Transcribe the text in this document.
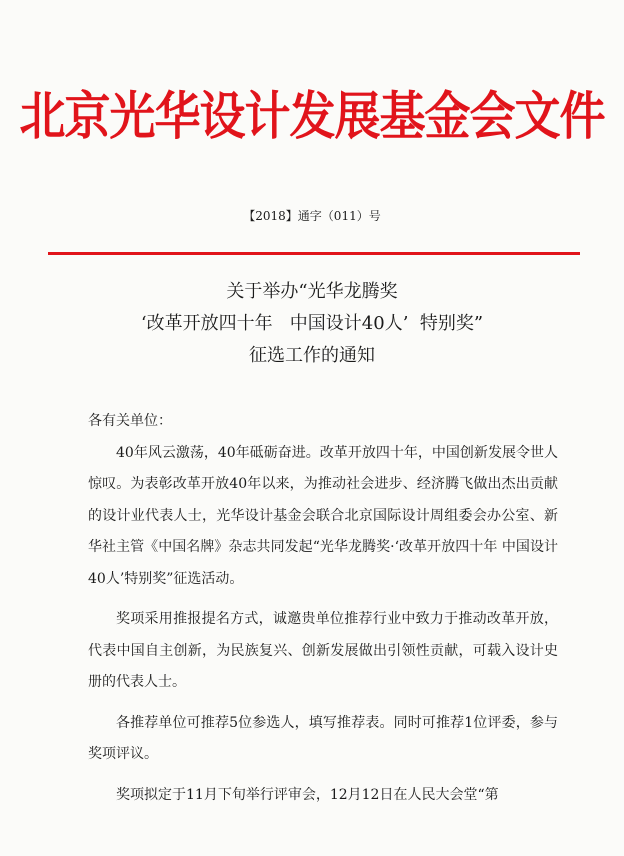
北京光华设计发展基金会文件
【2018】通字（011）号
关于举办“光华龙腾奖
‘改革开放四十年   中国设计40人’  特别奖”
征选工作的通知

各有关单位：

40年风云激荡，40年砥砺奋进。改革开放四十年，中国创新发展令世人惊叹。为表彰改革开放40年以来，为推动社会进步、经济腾飞做出杰出贡献的设计业代表人士，光华设计基金会联合北京国际设计周组委会办公室、新华社主管《中国名牌》杂志共同发起“光华龙腾奖·‘改革开放四十年 中国设计40人’特别奖”征选活动。

奖项采用推报提名方式，诚邀贵单位推荐行业中致力于推动改革开放，代表中国自主创新，为民族复兴、创新发展做出引领性贡献，可载入设计史册的代表人士。

各推荐单位可推荐5位参选人，填写推荐表。同时可推荐1位评委，参与奖项评议。

奖项拟定于11月下旬举行评审会，12月12日在人民大会堂“第
